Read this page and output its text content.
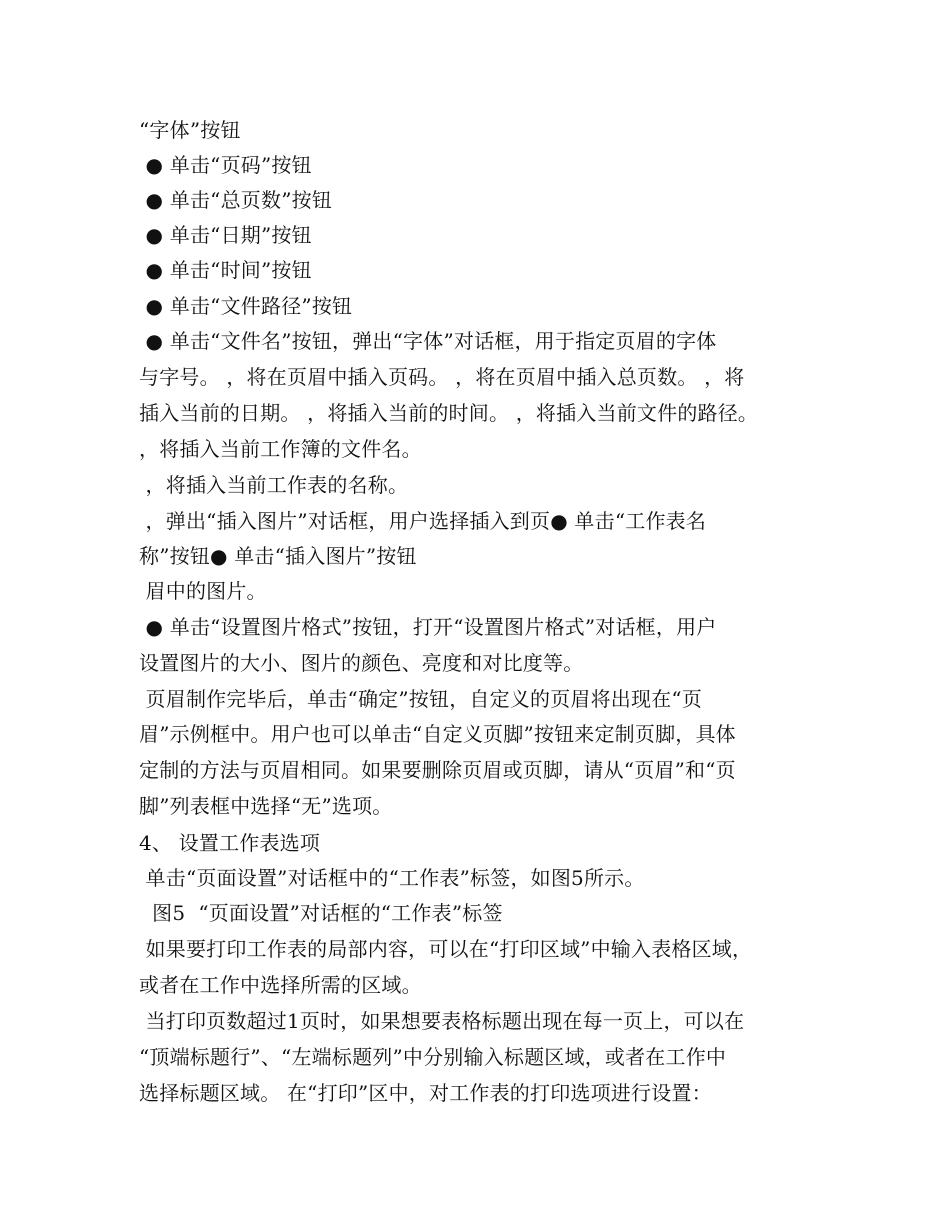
“字体”按钮
● 单击“页码”按钮
● 单击“总页数”按钮
● 单击“日期”按钮
● 单击“时间”按钮
● 单击“文件路径”按钮
● 单击“文件名”按钮，弹出“字体”对话框，用于指定页眉的字体
与字号。 ，将在页眉中插入页码。 ，将在页眉中插入总页数。 ，将
插入当前的日期。 ，将插入当前的时间。 ，将插入当前文件的路径。
，将插入当前工作簿的文件名。
，将插入当前工作表的名称。
，弹出“插入图片”对话框，用户选择插入到页● 单击“工作表名
称”按钮● 单击“插入图片”按钮
眉中的图片。
● 单击“设置图片格式”按钮，打开“设置图片格式”对话框，用户
设置图片的大小、图片的颜色、亮度和对比度等。
页眉制作完毕后，单击“确定”按钮，自定义的页眉将出现在“页
眉”示例框中。用户也可以单击“自定义页脚”按钮来定制页脚，具体
定制的方法与页眉相同。如果要删除页眉或页脚，请从“页眉”和“页
脚”列表框中选择“无”选项。
4、 设置工作表选项
单击“页面设置”对话框中的“工作表”标签，如图5所示。
图5  “页面设置”对话框的“工作表”标签
如果要打印工作表的局部内容，可以在“打印区域”中输入表格区域，
或者在工作中选择所需的区域。
当打印页数超过1页时，如果想要表格标题出现在每一页上，可以在
“顶端标题行”、“左端标题列”中分别输入标题区域，或者在工作中
选择标题区域。 在“打印”区中，对工作表的打印选项进行设置：
